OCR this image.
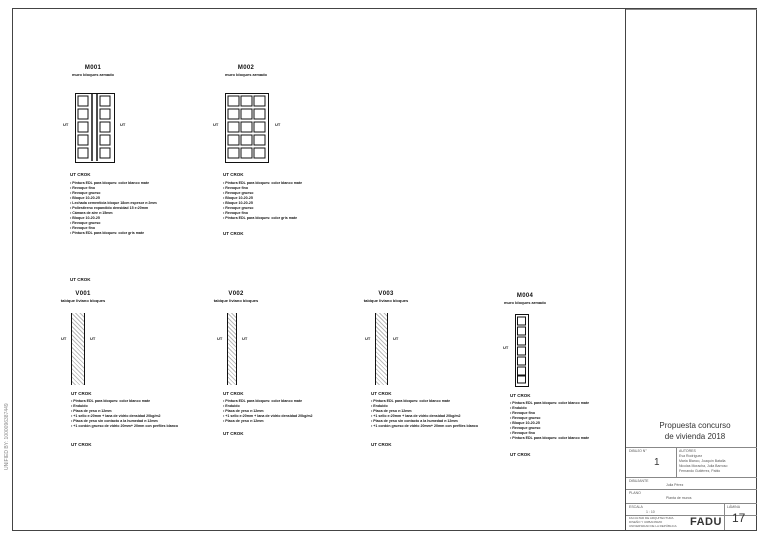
M001
muro bloques armado
UT	UT
UT CROK
• Pintura EDL para bloques: color blanco mate
• Revoque fino
• Revoque grueso
• Bloque 10-20-25
• Lechada cementicia bloque 18cm espesor e:2mm
• Poliestireno expandido densidad 15 e:20mm
• Cámara de aire e:15mm
• Bloque 10-20-25
• Revoque grueso
• Revoque fino
• Pintura EDL para bloques: color gris mate
UT CROK
M002
muro bloques armado
UT	UT
UT CROK
• Pintura EDL para bloques: color blanco mate
• Revoque fino
• Revoque grueso
• Bloque 10-20-25
• Bloque 10-20-25
• Revoque grueso
• Revoque fino
• Pintura EDL para bloques: color gris mate
UT CROK
V001
tabique liviano bloques
UT	UT
UT CROK
• Pintura EDL para bloques: color blanco mate
• Enduido
• Placa de yeso e:12mm
• +1 sello e:20mm + lana de vidrio densidad 20kg/m2
• Placa de yeso sin contacto a la humedad e:12mm
• +1 cordón grueso de vidrio 20mm+ 20mm con perfiles blanco
UT CROK
V002
tabique liviano bloques
UT	UT
UT CROK
• Pintura EDL para bloques: color blanco mate
• Enduido
• Placa de yeso e:12mm
• +1 sello e:20mm + lana de vidrio densidad 20kg/m2
• Placa de yeso e:12mm
UT CROK
V003
tabique liviano bloques
UT	UT
UT CROK
• Pintura EDL para bloques: color blanco mate
• Enduido
• Placa de yeso e:12mm
• +1 sello e:20mm + lana de vidrio densidad 20kg/m2
• Placa de yeso sin contacto a la humedad e:12mm
• +1 cordón grueso de vidrio 20mm+ 20mm con perfiles blanco
UT CROK
M004
muro bloques armado
UT
UT CROK
• Pintura EDL para bloques: color blanco mate
• Enduido
• Revoque fino
• Revoque grueso
• Bloque 10-20-25
• Revoque grueso
• Revoque fino
• Pintura EDL para bloques: color blanco mate
UT CROK
Propuesta concurso
de vivienda 2018
DIBUJO N°
1
AUTORES
Eva Rodríguez
Maria Blanco, Joaquín Batalla
Nicolas Moracha, Julia Barroso
Fernando Gutiérrez, Pablo
DIBUJANTE
Julia Pérez
PLANO
Planta de muros
ESCALA
1 : 10
FACULTAD DE ARQUITECTURA
DISEÑO Y URBANISMO
UNIVERSIDAD DE LA REPÚBLICA FADU
LÁMINA
17
UNIFIED BY: 1000096387449
